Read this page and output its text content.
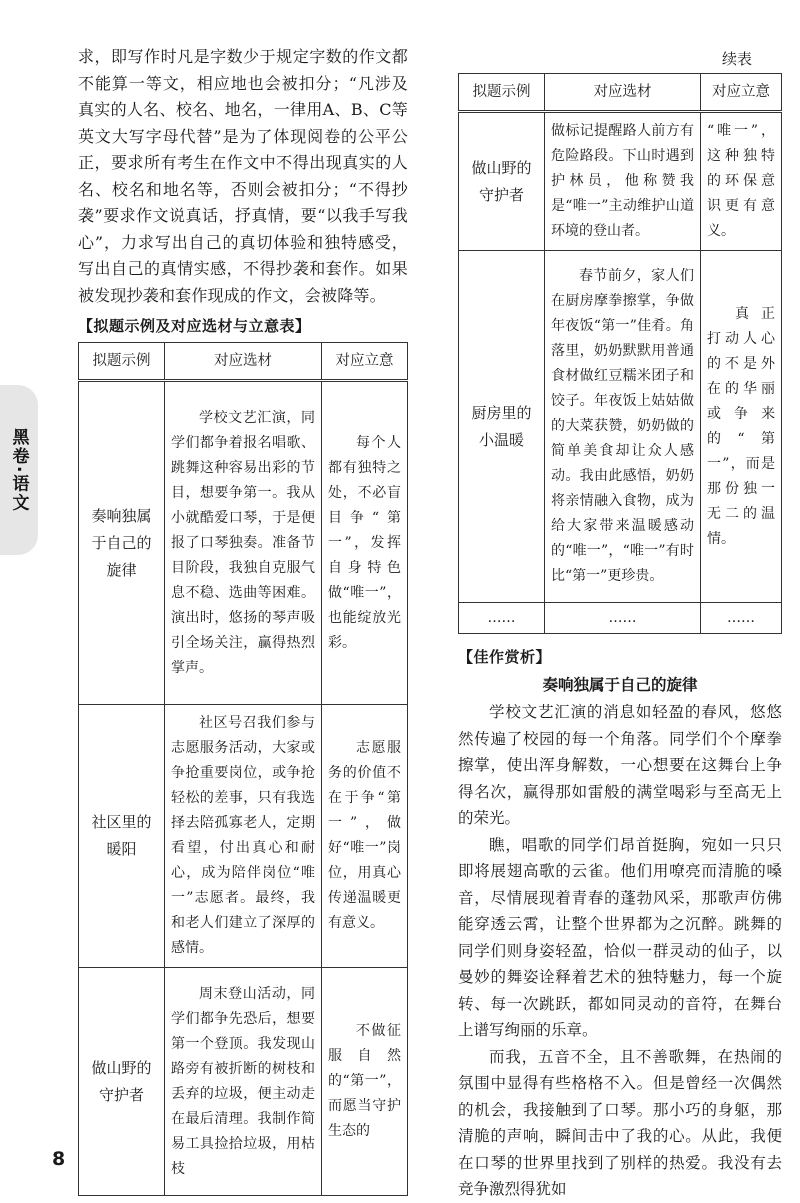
黑卷·语文

求，即写作时凡是字数少于规定字数的作文都不能算一等文，相应地也会被扣分；“凡涉及真实的人名、校名、地名，一律用A、B、C等英文大写字母代替”是为了体现阅卷的公平公正，要求所有考生在作文中不得出现真实的人名、校名和地名等，否则会被扣分；“不得抄袭”要求作文说真话，抒真情，要“以我手写我心”，力求写出自己的真切体验和独特感受，写出自己的真情实感，不得抄袭和套作。如果被发现抄袭和套作现成的作文，会被降等。

【拟题示例及对应选材与立意表】
拟题示例	对应选材	对应立意
奏响独属于自己的旋律	学校文艺汇演，同学们都争着报名唱歌、跳舞这种容易出彩的节目，想要争第一。我从小就酷爱口琴，于是便报了口琴独奏。准备节目阶段，我独自克服气息不稳、选曲等困难。演出时，悠扬的琴声吸引全场关注，赢得热烈掌声。	每个人都有独特之处，不必盲目争“第一”，发挥自身特色做“唯一”，也能绽放光彩。
社区里的暖阳	社区号召我们参与志愿服务活动，大家或争抢重要岗位，或争抢轻松的差事，只有我选择去陪孤寡老人，定期看望，付出真心和耐心，成为陪伴岗位“唯一”志愿者。最终，我和老人们建立了深厚的感情。	志愿服务的价值不在于争“第一”，做好“唯一”岗位，用真心传递温暖更有意义。
做山野的守护者	周末登山活动，同学们都争先恐后，想要第一个登顶。我发现山路旁有被折断的树枝和丢弃的垃圾，便主动走在最后清理。我制作简易工具捡拾垃圾，用枯枝	不做征服自然的“第一”，而愿当守护生态的
续表
拟题示例	对应选材	对应立意
做山野的守护者	做标记提醒路人前方有危险路段。下山时遇到护林员，他称赞我是“唯一”主动维护山道环境的登山者。	“唯一”，这种独特的环保意识更有意义。
厨房里的小温暖	春节前夕，家人们在厨房摩拳擦掌，争做年夜饭“第一”佳肴。角落里，奶奶默默用普通食材做红豆糯米团子和饺子。年夜饭上姑姑做的大菜获赞，奶奶做的简单美食却让众人感动。我由此感悟，奶奶将亲情融入食物，成为给大家带来温暖感动的“唯一”，“唯一”有时比“第一”更珍贵。	真正打动人心的不是外在的华丽或争来的“第一”，而是那份独一无二的温情。
……	……	……
【佳作赏析】
奏响独属于自己的旋律

学校文艺汇演的消息如轻盈的春风，悠悠然传遍了校园的每一个角落。同学们个个摩拳擦掌，使出浑身解数，一心想要在这舞台上争得名次，赢得那如雷般的满堂喝彩与至高无上的荣光。

瞧，唱歌的同学们昂首挺胸，宛如一只只即将展翅高歌的云雀。他们用嘹亮而清脆的嗓音，尽情展现着青春的蓬勃风采，那歌声仿佛能穿透云霄，让整个世界都为之沉醉。跳舞的同学们则身姿轻盈，恰似一群灵动的仙子，以曼妙的舞姿诠释着艺术的独特魅力，每一个旋转、每一次跳跃，都如同灵动的音符，在舞台上谱写绚丽的乐章。

而我，五音不全，且不善歌舞，在热闹的氛围中显得有些格格不入。但是曾经一次偶然的机会，我接触到了口琴。那小巧的身躯，那清脆的声响，瞬间击中了我的心。从此，我便在口琴的世界里找到了别样的热爱。我没有去竞争激烈得犹如

8
